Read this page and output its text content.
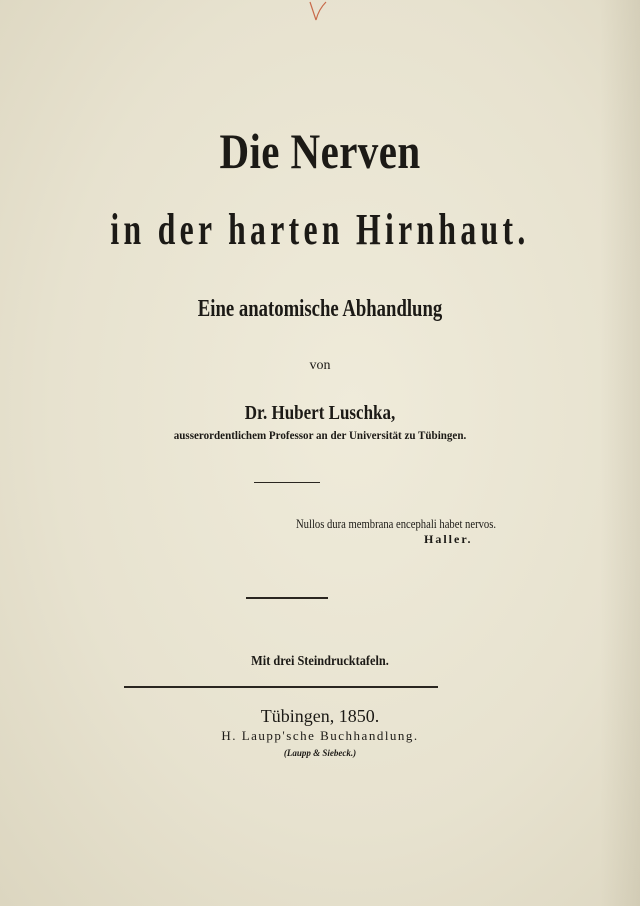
Die Nerven
in der harten Hirnhaut.
Eine anatomische Abhandlung
von
Dr. Hubert Luschka,
ausserordentlichem Professor an der Universität zu Tübingen.
Nullos dura membrana encephali habet nervos.
Haller.
Mit drei Steindrucktafeln.
Tübingen, 1850.
H. Laupp'sche Buchhandlung.
(Laupp & Siebeck.)
